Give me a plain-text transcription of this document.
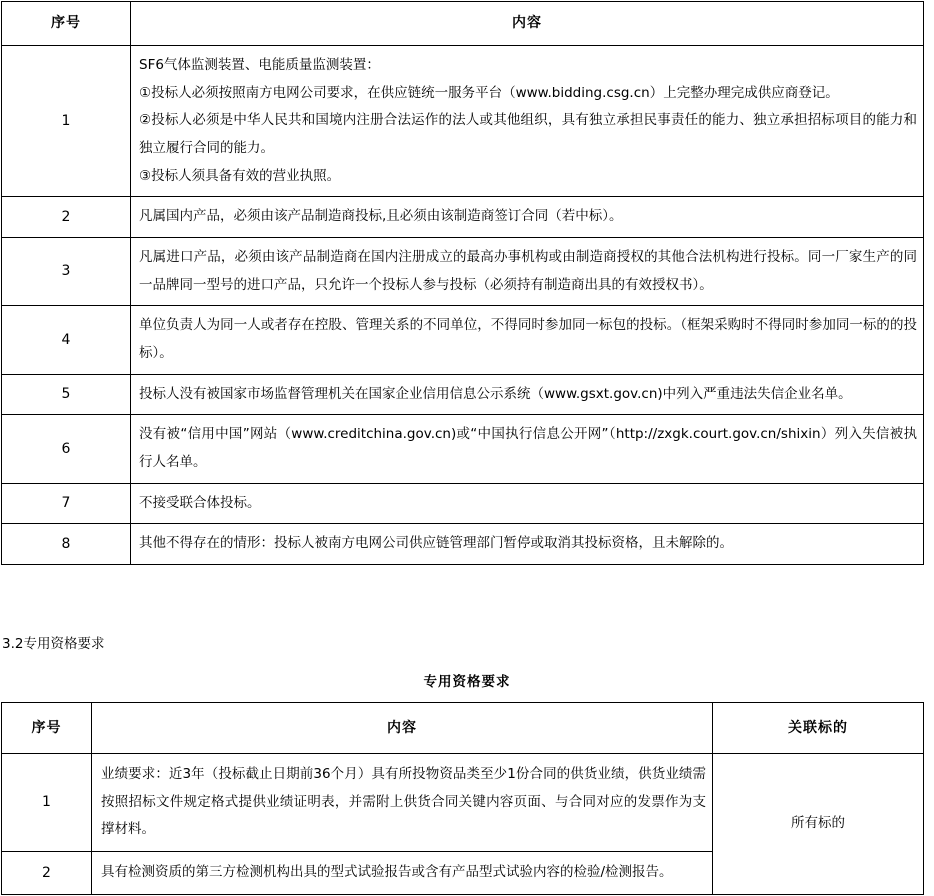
序号	内容
1	SF6气体监测装置、电能质量监测装置：

①投标人必须按照南方电网公司要求，在供应链统一服务平台（www.bidding.csg.cn）上完整办理完成供应商登记。

②投标人必须是中华人民共和国境内注册合法运作的法人或其他组织，具有独立承担民事责任的能力、独立承担招标项目的能力和独立履行合同的能力。

③投标人须具备有效的营业执照。

2	凡属国内产品，必须由该产品制造商投标,且必须由该制造商签订合同（若中标）。

3	凡属进口产品，必须由该产品制造商在国内注册成立的最高办事机构或由制造商授权的其他合法机构进行投标。同一厂家生产的同一品牌同一型号的进口产品，只允许一个投标人参与投标（必须持有制造商出具的有效授权书）。

4	单位负责人为同一人或者存在控股、管理关系的不同单位，不得同时参加同一标包的投标。（框架采购时不得同时参加同一标的的投标）。

5	投标人没有被国家市场监督管理机关在国家企业信用信息公示系统（www.gsxt.gov.cn)中列入严重违法失信企业名单。

6	没有被“信用中国”网站（www.creditchina.gov.cn)或“中国执行信息公开网”（http://zxgk.court.gov.cn/shixin）列入失信被执行人名单。

7	不接受联合体投标。

8	其他不得存在的情形：投标人被南方电网公司供应链管理部门暂停或取消其投标资格，且未解除的。

3.2专用资格要求
专用资格要求
序号	内容	关联标的
1	业绩要求：近3年（投标截止日期前36个月）具有所投物资品类至少1份合同的供货业绩，供货业绩需按照招标文件规定格式提供业绩证明表，并需附上供货合同关键内容页面、与合同对应的发票作为支撑材料。	所有标的
2	具有检测资质的第三方检测机构出具的型式试验报告或含有产品型式试验内容的检验/检测报告。	
